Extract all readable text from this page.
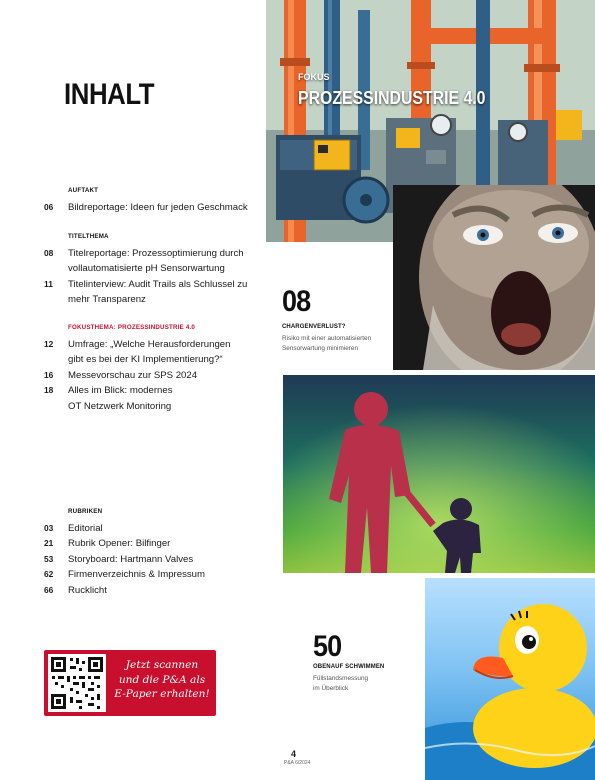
INHALT
AUFTAKT
06	Bildreportage: Ideen fur jeden Geschmack
TITELTHEMA
08	Titelreportage: Prozessoptimierung durch
vollautomatisierte pH Sensorwartung
11	Titelinterview: Audit Trails als Schlussel zu
mehr Transparenz
FOKUSTHEMA: PROZESSINDUSTRIE 4.0
12	Umfrage: „Welche Herausforderungen
gibt es bei der KI Implementierung?“
16	Messevorschau zur SPS 2024
18	Alles im Blick: modernes
OT Netzwerk Monitoring
RUBRIKEN
03	Editorial
21	Rubrik Opener: Bilfinger
53	Storyboard: Hartmann Valves
62	Firmenverzeichnis & Impressum
66	Rucklicht
FOKUS
PROZESSINDUSTRIE 4.0
08
CHARGENVERLUST?
Risiko mit einer automatisierten
Sensorwartung minimieren
50
OBENAUF SCHWIMMEN
Füllstandsmessung
im Überblick
Jetzt scannen
und die P&A als
E-Paper erhalten!
4
P&A 6/2024
